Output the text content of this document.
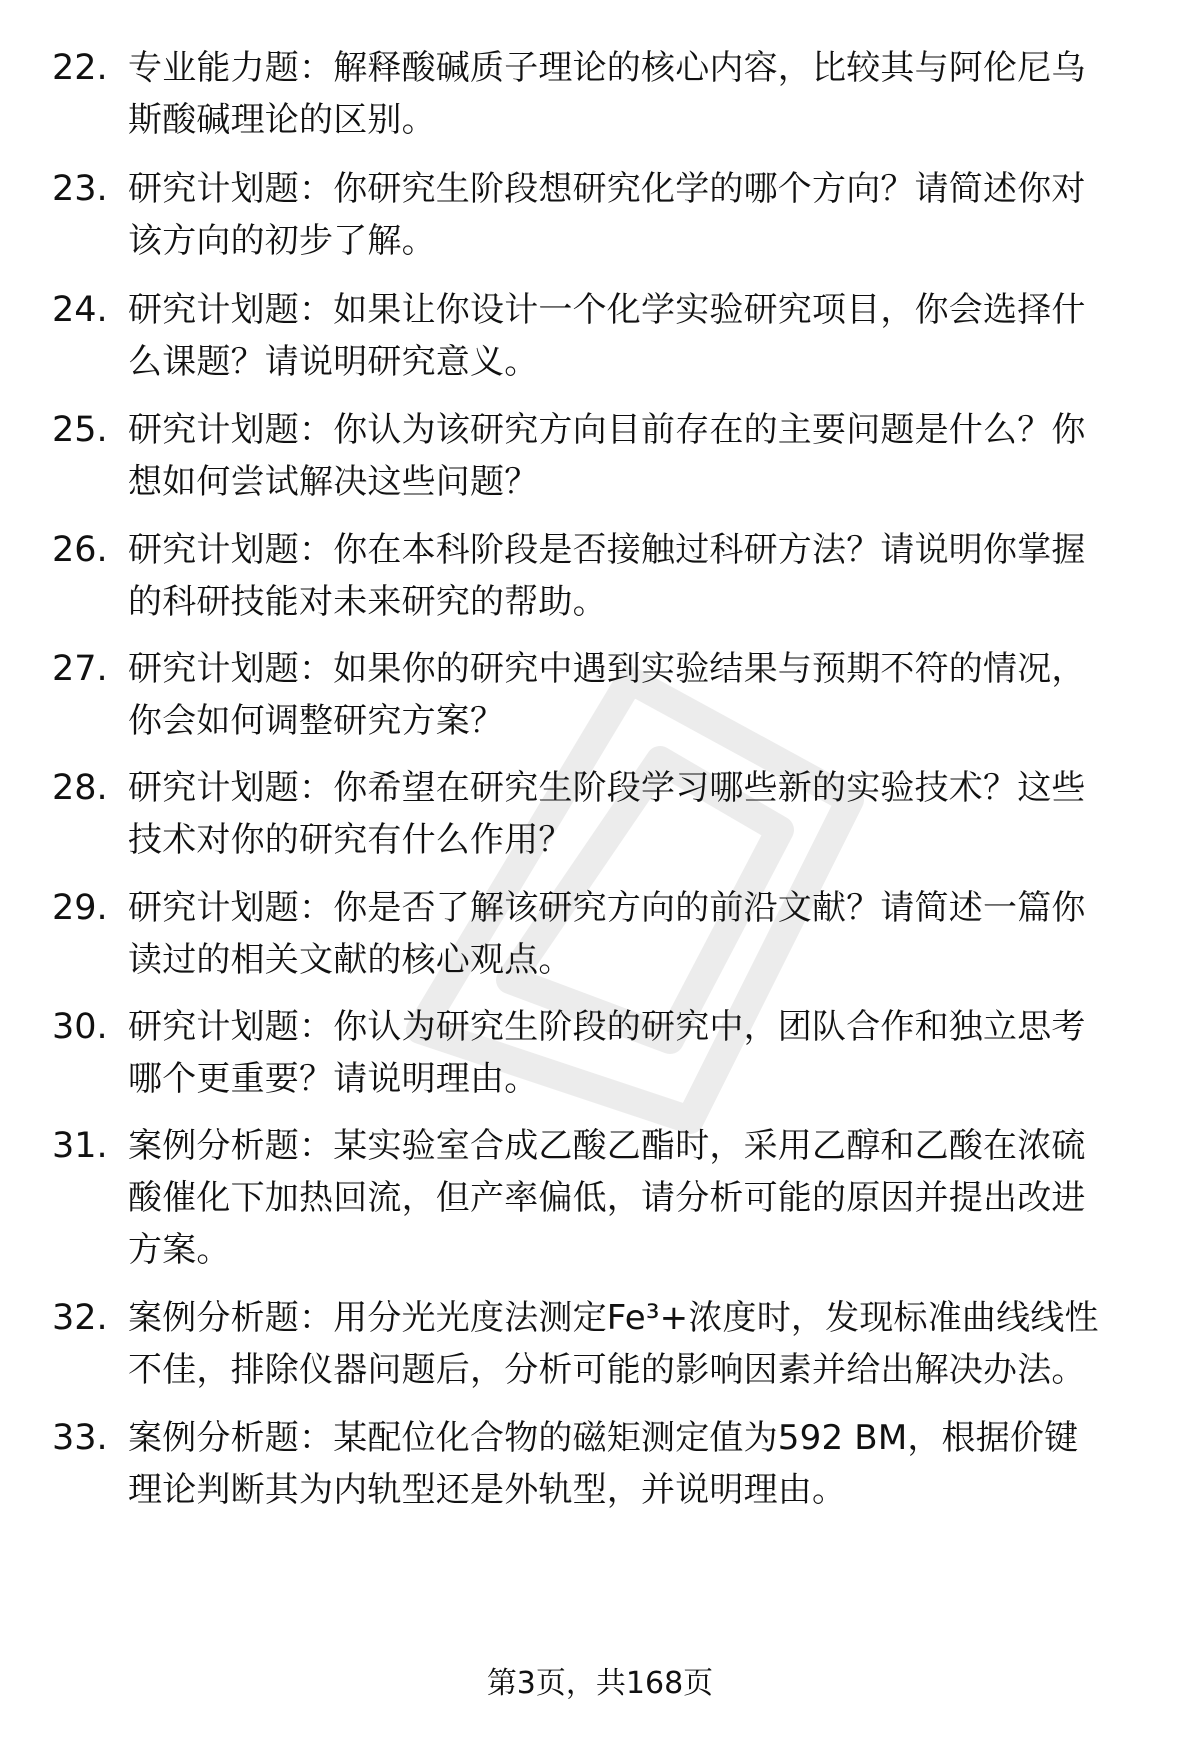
22. 专业能力题：解释酸碱质子理论的核心内容，比较其与阿伦尼乌
斯酸碱理论的区别。
23. 研究计划题：你研究生阶段想研究化学的哪个方向？请简述你对
该方向的初步了解。
24. 研究计划题：如果让你设计一个化学实验研究项目，你会选择什
么课题？请说明研究意义。
25. 研究计划题：你认为该研究方向目前存在的主要问题是什么？你
想如何尝试解决这些问题？
26. 研究计划题：你在本科阶段是否接触过科研方法？请说明你掌握
的科研技能对未来研究的帮助。
27. 研究计划题：如果你的研究中遇到实验结果与预期不符的情况，
你会如何调整研究方案？
28. 研究计划题：你希望在研究生阶段学习哪些新的实验技术？这些
技术对你的研究有什么作用？
29. 研究计划题：你是否了解该研究方向的前沿文献？请简述一篇你
读过的相关文献的核心观点。
30. 研究计划题：你认为研究生阶段的研究中，团队合作和独立思考
哪个更重要？请说明理由。
31. 案例分析题：某实验室合成乙酸乙酯时，采用乙醇和乙酸在浓硫
酸催化下加热回流，但产率偏低，请分析可能的原因并提出改进
方案。
32. 案例分析题：用分光光度法测定Fe³+浓度时，发现标准曲线线性
不佳，排除仪器问题后，分析可能的影响因素并给出解决办法。
33. 案例分析题：某配位化合物的磁矩测定值为592 BM，根据价键
理论判断其为内轨型还是外轨型，并说明理由。
第3页，共168页
